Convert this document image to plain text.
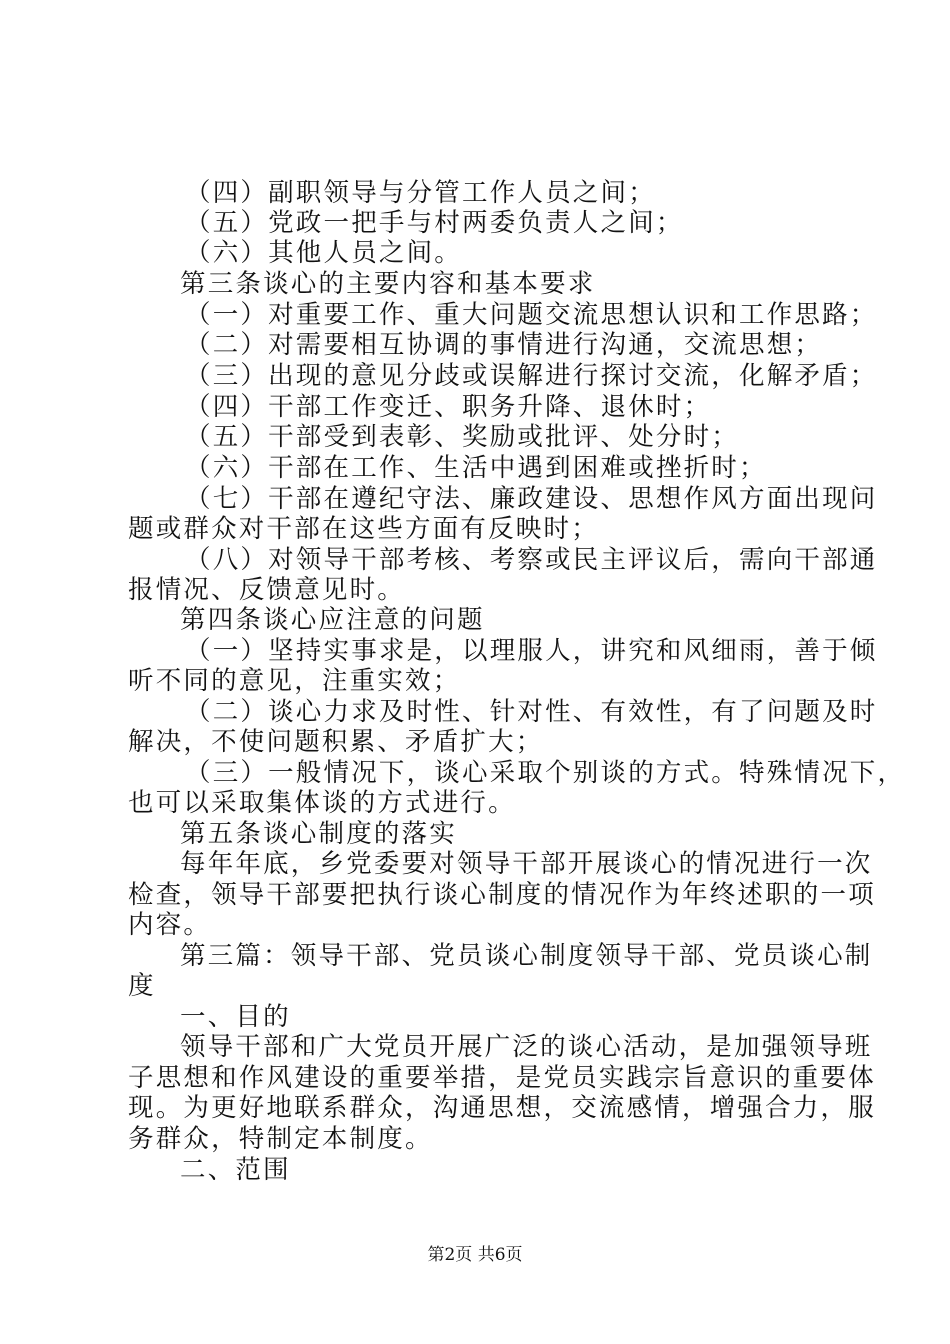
（四）副职领导与分管工作人员之间；
（五）党政一把手与村两委负责人之间；
（六）其他人员之间。
第三条谈心的主要内容和基本要求
（一）对重要工作、重大问题交流思想认识和工作思路；
（二）对需要相互协调的事情进行沟通，交流思想；
（三）出现的意见分歧或误解进行探讨交流，化解矛盾；
（四）干部工作变迁、职务升降、退休时；
（五）干部受到表彰、奖励或批评、处分时；
（六）干部在工作、生活中遇到困难或挫折时；
（七）干部在遵纪守法、廉政建设、思想作风方面出现问
题或群众对干部在这些方面有反映时；
（八）对领导干部考核、考察或民主评议后，需向干部通
报情况、反馈意见时。
第四条谈心应注意的问题
（一）坚持实事求是，以理服人，讲究和风细雨，善于倾
听不同的意见，注重实效；
（二）谈心力求及时性、针对性、有效性，有了问题及时
解决，不使问题积累、矛盾扩大；
（三）一般情况下，谈心采取个别谈的方式。特殊情况下，
也可以采取集体谈的方式进行。
第五条谈心制度的落实
每年年底，乡党委要对领导干部开展谈心的情况进行一次
检查，领导干部要把执行谈心制度的情况作为年终述职的一项
内容。
第三篇：领导干部、党员谈心制度领导干部、党员谈心制
度
一、目的
领导干部和广大党员开展广泛的谈心活动，是加强领导班
子思想和作风建设的重要举措，是党员实践宗旨意识的重要体
现。为更好地联系群众，沟通思想，交流感情，增强合力，服
务群众，特制定本制度。
二、范围
第2页 共6页
